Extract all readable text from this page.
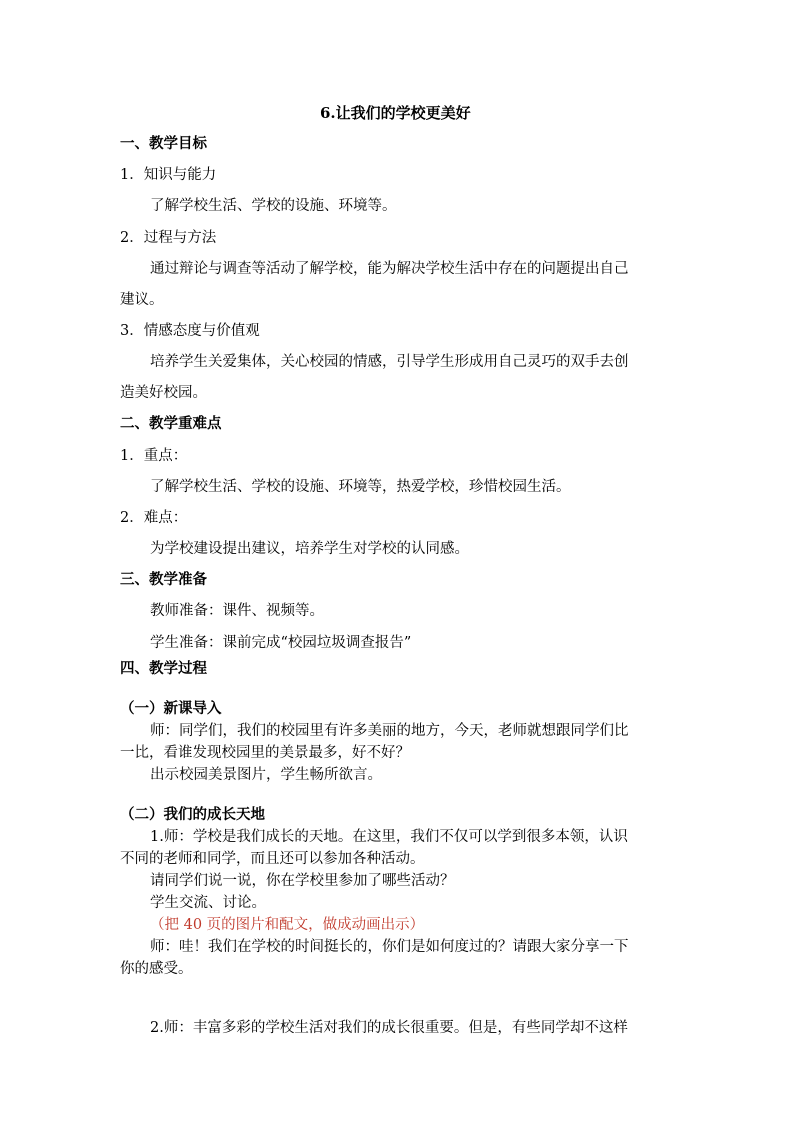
6.让我们的学校更美好

一、教学目标

1．知识与能力

了解学校生活、学校的设施、环境等。

2．过程与方法

通过辩论与调查等活动了解学校，能为解决学校生活中存在的问题提出自己

建议。

3．情感态度与价值观

培养学生关爱集体，关心校园的情感，引导学生形成用自己灵巧的双手去创

造美好校园。

二、教学重难点

1．重点：

了解学校生活、学校的设施、环境等，热爱学校，珍惜校园生活。

2．难点：

为学校建设提出建议，培养学生对学校的认同感。

三、教学准备

教师准备：课件、视频等。

学生准备：课前完成“校园垃圾调查报告”

四、教学过程

（一）新课导入

师：同学们，我们的校园里有许多美丽的地方，今天，老师就想跟同学们比

一比，看谁发现校园里的美景最多，好不好？

出示校园美景图片，学生畅所欲言。

（二）我们的成长天地

1.师：学校是我们成长的天地。在这里，我们不仅可以学到很多本领，认识

不同的老师和同学，而且还可以参加各种活动。

请同学们说一说，你在学校里参加了哪些活动？

学生交流、讨论。

（把 40 页的图片和配文，做成动画出示）

师：哇！我们在学校的时间挺长的，你们是如何度过的？请跟大家分享一下

你的感受。

2.师：丰富多彩的学校生活对我们的成长很重要。但是，有些同学却不这样
